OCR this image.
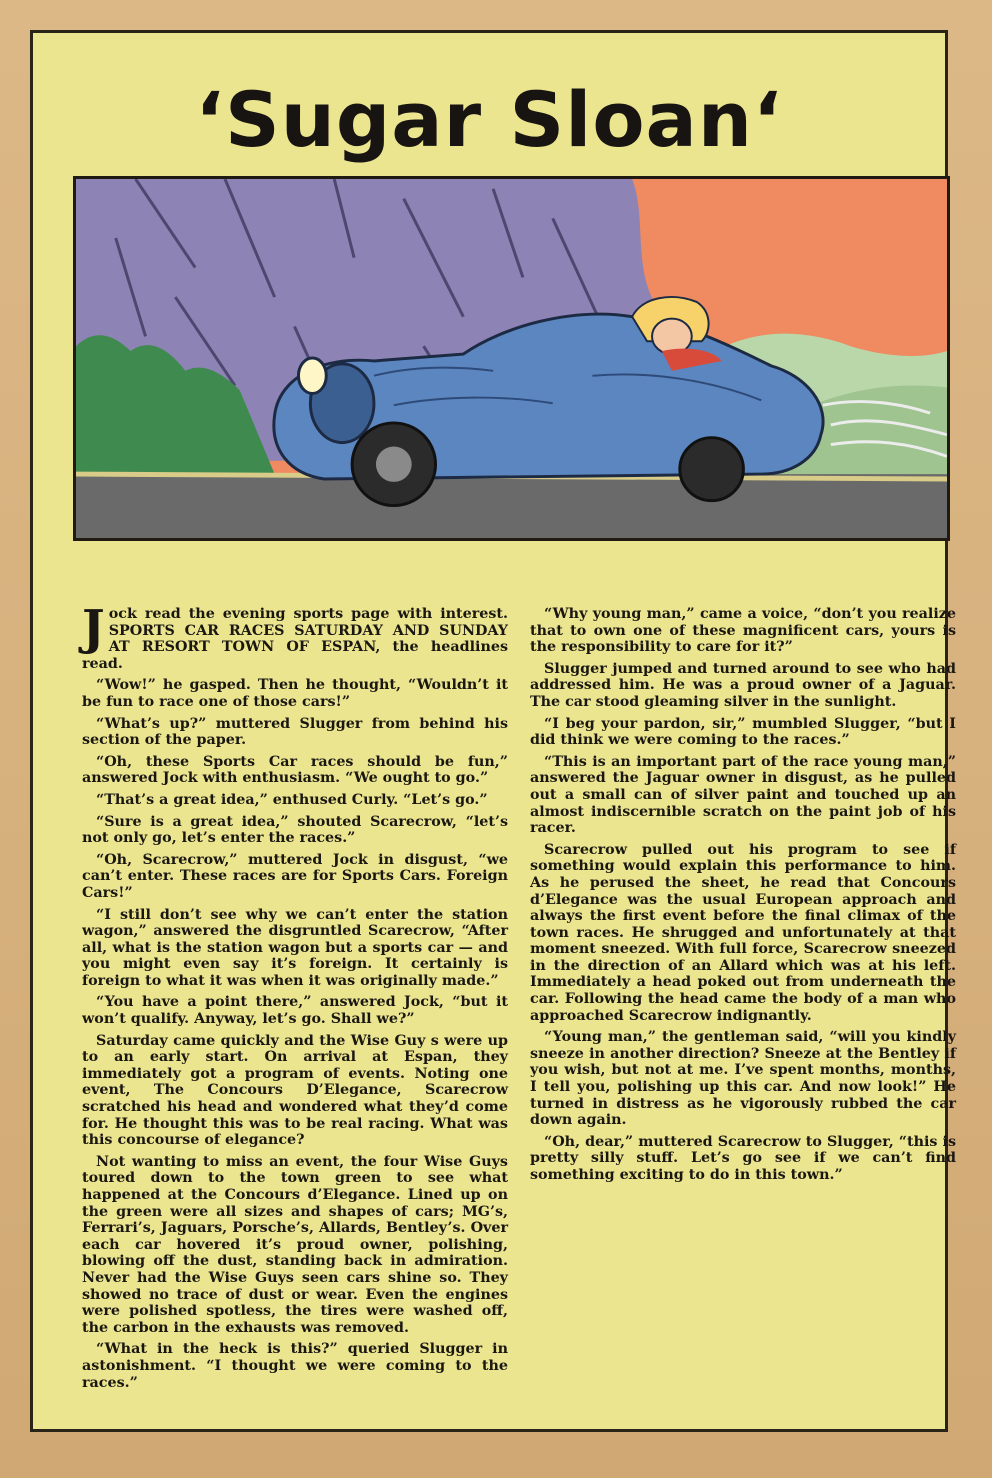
‘Sugar Sloan‘

Jock read the evening sports page with interest. SPORTS CAR RACES SATURDAY AND SUNDAY AT RESORT TOWN OF ESPAN, the headlines read.

“Wow!” he gasped. Then he thought, “Wouldn’t it be fun to race one of those cars!”

“What’s up?” muttered Slugger from behind his section of the paper.

“Oh, these Sports Car races should be fun,” answered Jock with enthusiasm. “We ought to go.”

“That’s a great idea,” enthused Curly. “Let’s go.”

“Sure is a great idea,” shouted Scarecrow, “let’s not only go, let’s enter the races.”

“Oh, Scarecrow,” muttered Jock in disgust, “we can’t enter. These races are for Sports Cars. Foreign Cars!”

“I still don’t see why we can’t enter the station wagon,” answered the disgruntled Scarecrow, “After all, what is the station wagon but a sports car — and you might even say it’s foreign. It certainly is foreign to what it was when it was originally made.”

“You have a point there,” answered Jock, “but it won’t qualify. Anyway, let’s go. Shall we?”

Saturday came quickly and the Wise Guy s were up to an early start. On arrival at Espan, they immediately got a program of events. Noting one event, The Concours D’Elegance, Scarecrow scratched his head and wondered what they’d come for. He thought this was to be real racing. What was this concourse of elegance?

Not wanting to miss an event, the four Wise Guys toured down to the town green to see what happened at the Concours d’Elegance. Lined up on the green were all sizes and shapes of cars; MG’s, Ferrari’s, Jaguars, Porsche’s, Allards, Bentley’s. Over each car hovered it’s proud owner, polishing, blowing off the dust, standing back in admiration. Never had the Wise Guys seen cars shine so. They showed no trace of dust or wear. Even the engines were polished spotless, the tires were washed off, the carbon in the exhausts was removed.

“What in the heck is this?” queried Slugger in astonishment. “I thought we were coming to the races.”

“Why young man,” came a voice, “don’t you realize that to own one of these magnificent cars, yours is the responsibility to care for it?”

Slugger jumped and turned around to see who had addressed him. He was a proud owner of a Jaguar. The car stood gleaming silver in the sunlight.

“I beg your pardon, sir,” mumbled Slugger, “but I did think we were coming to the races.”

“This is an important part of the race young man,” answered the Jaguar owner in disgust, as he pulled out a small can of silver paint and touched up an almost indiscernible scratch on the paint job of his racer.

Scarecrow pulled out his program to see if something would explain this performance to him. As he perused the sheet, he read that Concours d’Elegance was the usual European approach and always the first event before the final climax of the town races. He shrugged and unfortunately at that moment sneezed. With full force, Scarecrow sneezed in the direction of an Allard which was at his left. Immediately a head poked out from underneath the car. Following the head came the body of a man who approached Scarecrow indignantly.

“Young man,” the gentleman said, “will you kindly sneeze in another direction? Sneeze at the Bentley if you wish, but not at me. I’ve spent months, months, I tell you, polishing up this car. And now look!” He turned in distress as he vigorously rubbed the car down again.

“Oh, dear,” muttered Scarecrow to Slugger, “this is pretty silly stuff. Let’s go see if we can’t find something exciting to do in this town.”
